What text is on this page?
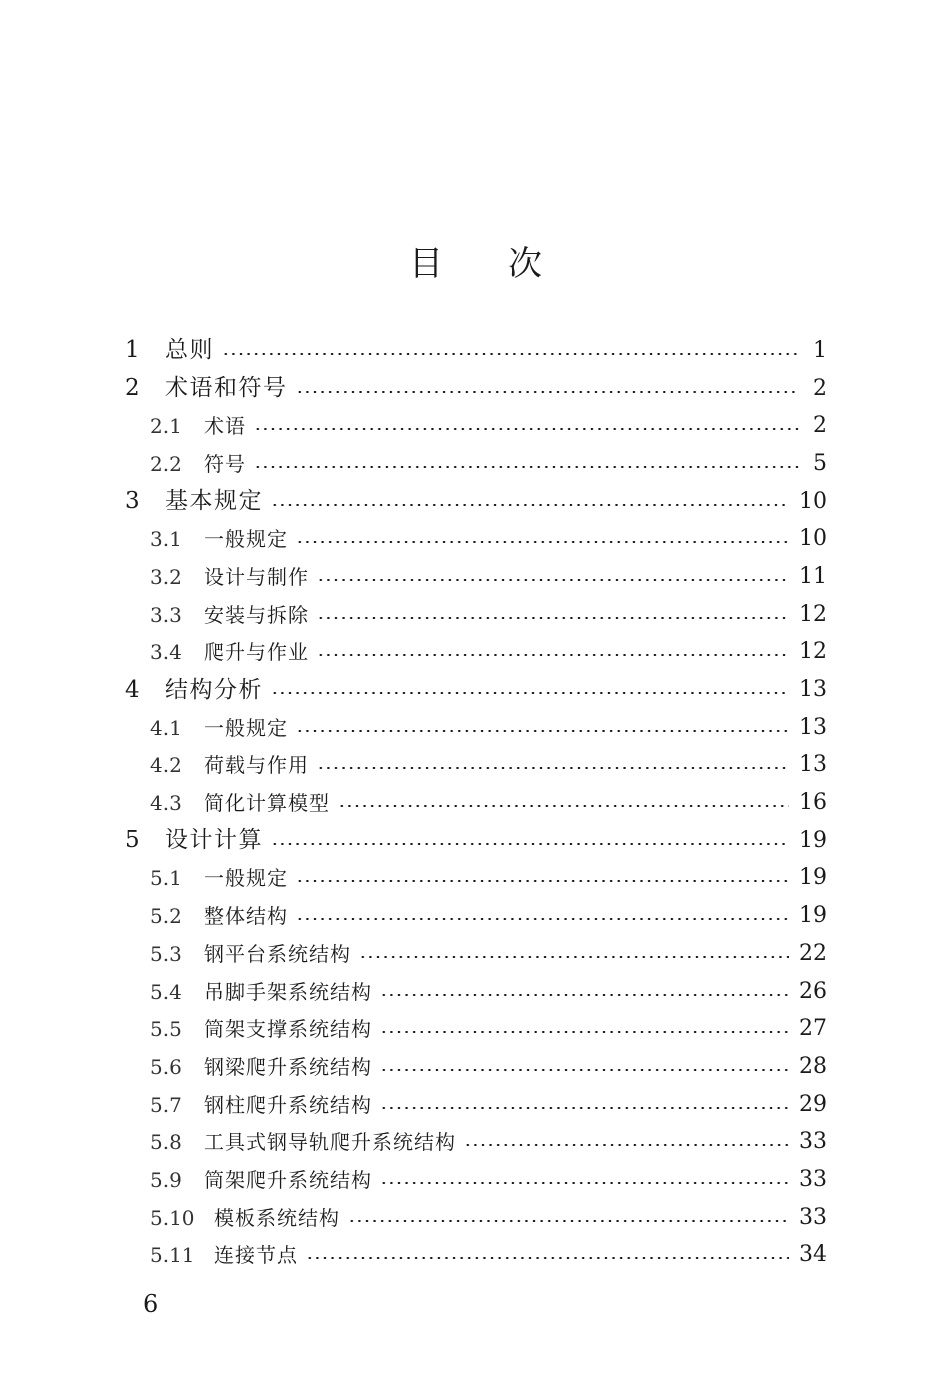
目 次
1	总则	1
2	术语和符号	2
2.1	术语	2
2.2	符号	5
3	基本规定	10
3.1	一般规定	10
3.2	设计与制作	11
3.3	安装与拆除	12
3.4	爬升与作业	12
4	结构分析	13
4.1	一般规定	13
4.2	荷载与作用	13
4.3	简化计算模型	16
5	设计计算	19
5.1	一般规定	19
5.2	整体结构	19
5.3	钢平台系统结构	22
5.4	吊脚手架系统结构	26
5.5	筒架支撑系统结构	27
5.6	钢梁爬升系统结构	28
5.7	钢柱爬升系统结构	29
5.8	工具式钢导轨爬升系统结构	33
5.9	筒架爬升系统结构	33
5.10 模板系统结构	33
5.11 连接节点	34
6
